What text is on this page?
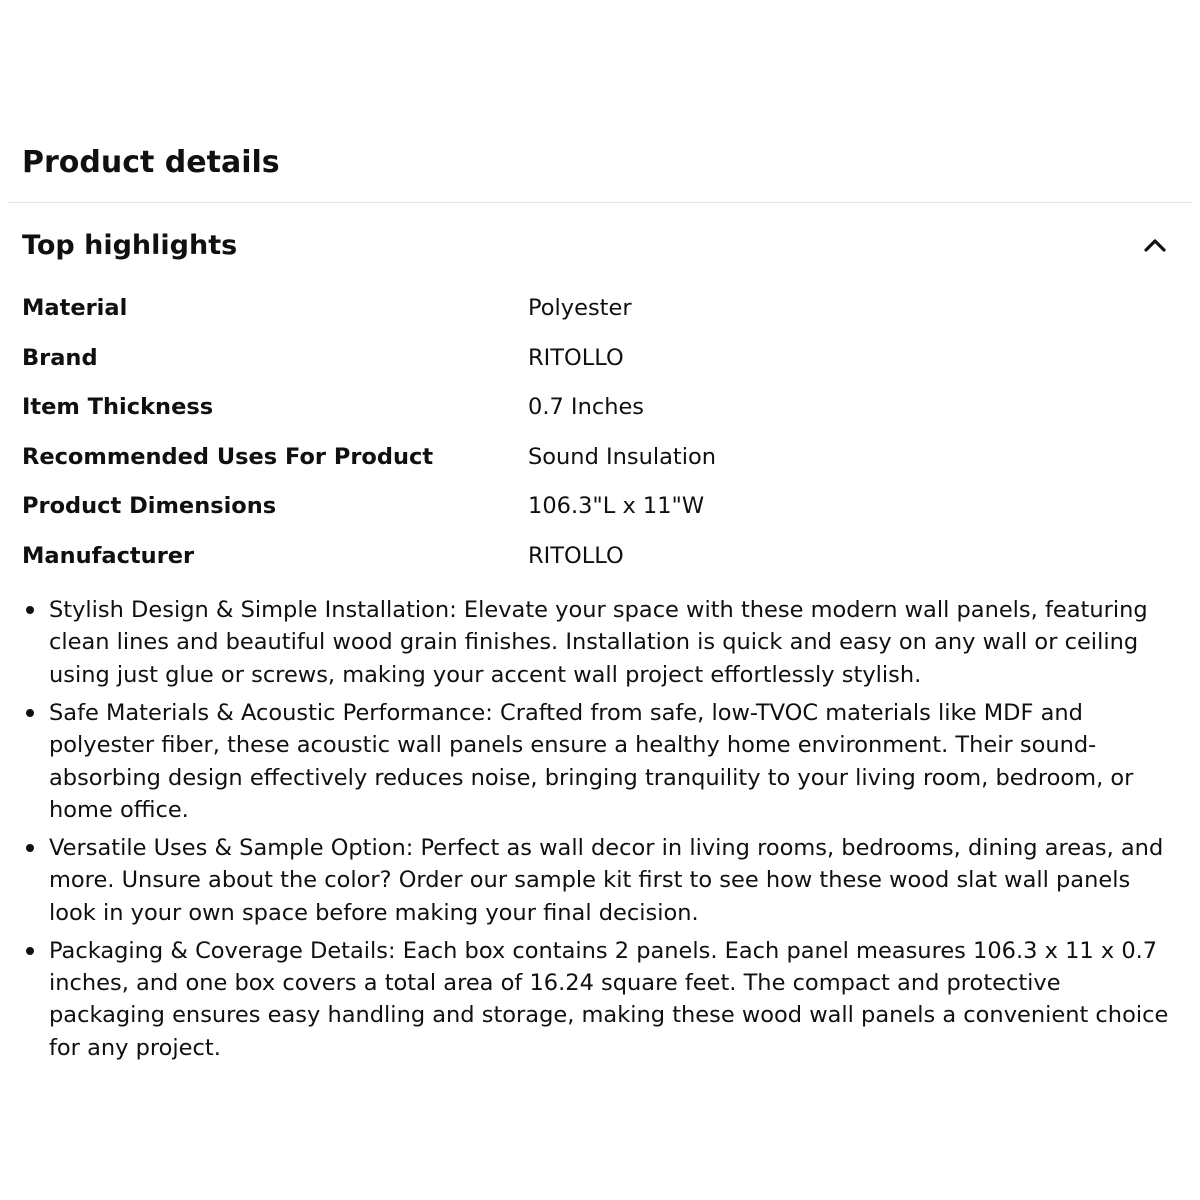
Product details
Top highlights
Material	Polyester
Brand	RITOLLO
Item Thickness	0.7 Inches
Recommended Uses For Product	Sound Insulation
Product Dimensions	106.3"L x 11"W
Manufacturer	RITOLLO
Stylish Design & Simple Installation: Elevate your space with these modern wall panels, featuring clean lines and beautiful wood grain finishes. Installation is quick and easy on any wall or ceiling using just glue or screws, making your accent wall project effortlessly stylish.
Safe Materials & Acoustic Performance: Crafted from safe, low-TVOC materials like MDF and polyester fiber, these acoustic wall panels ensure a healthy home environment. Their sound-absorbing design effectively reduces noise, bringing tranquility to your living room, bedroom, or home office.
Versatile Uses & Sample Option: Perfect as wall decor in living rooms, bedrooms, dining areas, and more. Unsure about the color? Order our sample kit first to see how these wood slat wall panels look in your own space before making your final decision.
Packaging & Coverage Details: Each box contains 2 panels. Each panel measures 106.3 x 11 x 0.7 inches, and one box covers a total area of 16.24 square feet. The compact and protective packaging ensures easy handling and storage, making these wood wall panels a convenient choice for any project.
